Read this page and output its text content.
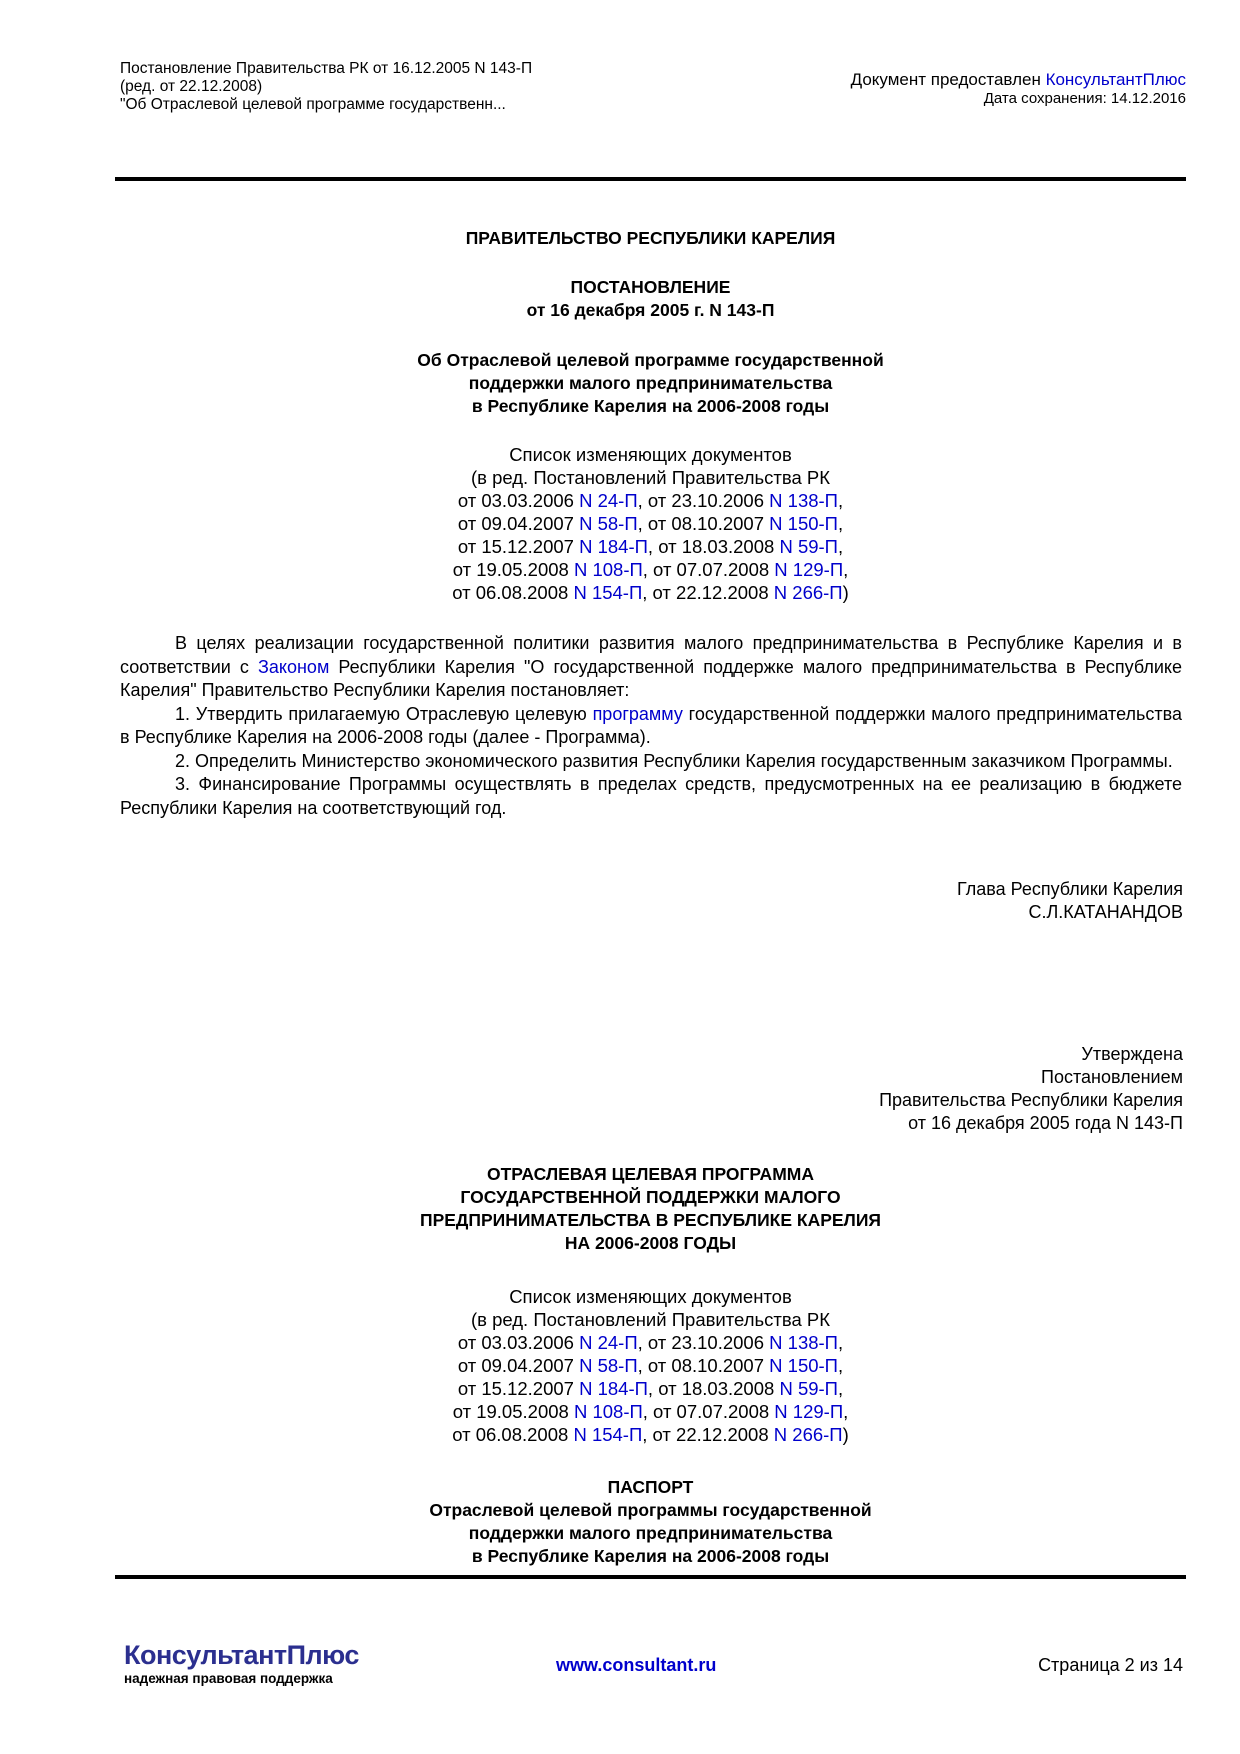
Постановление Правительства РК от 16.12.2005 N 143-П
(ред. от 22.12.2008)
"Об Отраслевой целевой программе государственн...
Документ предоставлен КонсультантПлюс
Дата сохранения: 14.12.2016
ПРАВИТЕЛЬСТВО РЕСПУБЛИКИ КАРЕЛИЯ
ПОСТАНОВЛЕНИЕ
от 16 декабря 2005 г. N 143-П
Об Отраслевой целевой программе государственной
поддержки малого предпринимательства
в Республике Карелия на 2006-2008 годы
Список изменяющих документов
(в ред. Постановлений Правительства РК
от 03.03.2006 N 24-П, от 23.10.2006 N 138-П,
от 09.04.2007 N 58-П, от 08.10.2007 N 150-П,
от 15.12.2007 N 184-П, от 18.03.2008 N 59-П,
от 19.05.2008 N 108-П, от 07.07.2008 N 129-П,
от 06.08.2008 N 154-П, от 22.12.2008 N 266-П)

В целях реализации государственной политики развития малого предпринимательства в Республике Карелия и в соответствии с Законом Республики Карелия "О государственной поддержке малого предпринимательства в Республике Карелия" Правительство Республики Карелия постановляет:

1. Утвердить прилагаемую Отраслевую целевую программу государственной поддержки малого предпринимательства в Республике Карелия на 2006-2008 годы (далее - Программа).

2. Определить Министерство экономического развития Республики Карелия государственным заказчиком Программы.

3. Финансирование Программы осуществлять в пределах средств, предусмотренных на ее реализацию в бюджете Республики Карелия на соответствующий год.

Глава Республики Карелия
С.Л.КАТАНАНДОВ
Утверждена
Постановлением
Правительства Республики Карелия
от 16 декабря 2005 года N 143-П
ОТРАСЛЕВАЯ ЦЕЛЕВАЯ ПРОГРАММА
ГОСУДАРСТВЕННОЙ ПОДДЕРЖКИ МАЛОГО
ПРЕДПРИНИМАТЕЛЬСТВА В РЕСПУБЛИКЕ КАРЕЛИЯ
НА 2006-2008 ГОДЫ
Список изменяющих документов
(в ред. Постановлений Правительства РК
от 03.03.2006 N 24-П, от 23.10.2006 N 138-П,
от 09.04.2007 N 58-П, от 08.10.2007 N 150-П,
от 15.12.2007 N 184-П, от 18.03.2008 N 59-П,
от 19.05.2008 N 108-П, от 07.07.2008 N 129-П,
от 06.08.2008 N 154-П, от 22.12.2008 N 266-П)
ПАСПОРТ
Отраслевой целевой программы государственной
поддержки малого предпринимательства
в Республике Карелия на 2006-2008 годы
КонсультантПлюс
надежная правовая поддержка
www.consultant.ru	Страница 2 из 14
